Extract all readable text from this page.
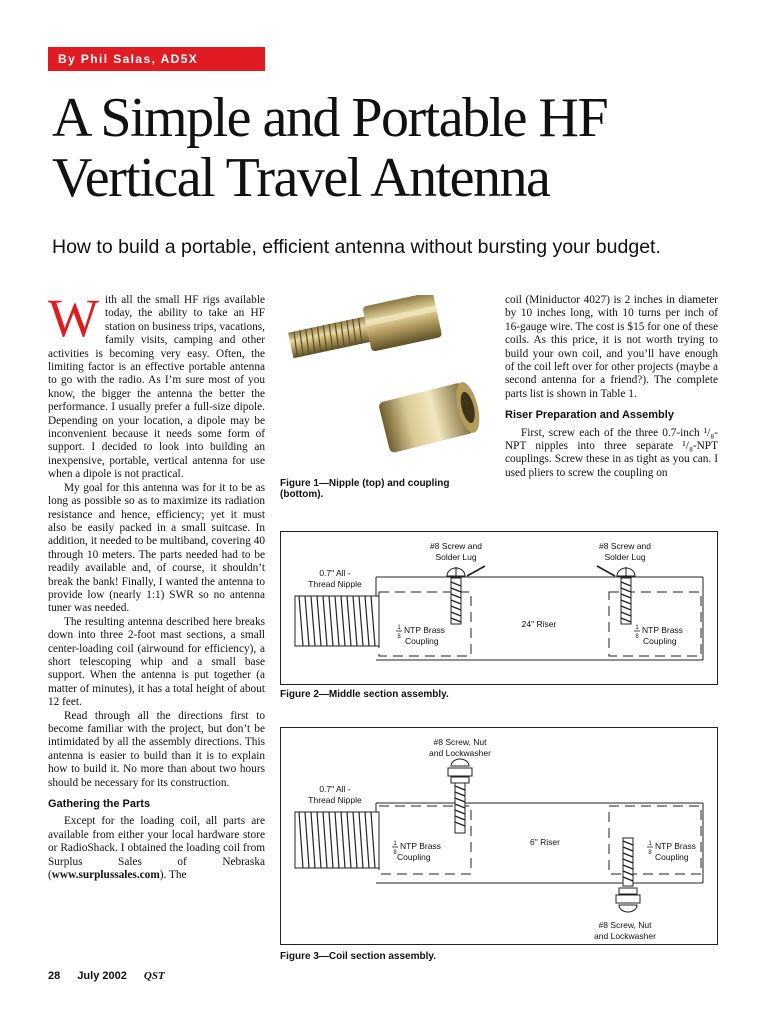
By Phil Salas, AD5X
A Simple and Portable HF
Vertical Travel Antenna
How to build a portable, efficient antenna without bursting your budget.

With all the small HF rigs available today, the ability to take an HF station on business trips, vacations, family visits, camping and other activities is becoming very easy. Often, the limiting factor is an effective portable antenna to go with the radio. As I’m sure most of you know, the bigger the antenna the better the performance. I usually prefer a full-size dipole. Depending on your location, a dipole may be inconvenient because it needs some form of support. I decided to look into building an inexpensive, portable, vertical antenna for use when a dipole is not practical.

My goal for this antenna was for it to be as long as possible so as to maximize its radiation resistance and hence, efficiency; yet it must also be easily packed in a small suitcase. In addition, it needed to be multiband, covering 40 through 10 meters. The parts needed had to be readily available and, of course, it shouldn’t break the bank! Finally, I wanted the antenna to provide low (nearly 1:1) SWR so no antenna tuner was needed.

The resulting antenna described here breaks down into three 2-foot mast sections, a small center-loading coil (airwound for efficiency), a short telescoping whip and a small base support. When the antenna is put together (a matter of minutes), it has a total height of about 12 feet.

Read through all the directions first to become familiar with the project, but don’t be intimidated by all the assembly directions. This antenna is easier to build than it is to explain how to build it. No more than about two hours should be necessary for its construction.

Gathering the Parts

Except for the loading coil, all parts are available from either your local hardware store or RadioShack. I obtained the loading coil from Surplus Sales of Nebraska (www.surplussales.com). The

Figure 1—Nipple (top) and coupling (bottom).
#8 Screw and
Solder Lug
#8 Screw and
Solder Lug
0.7" All -
Thread Nipple
24" Riser
1
8
NTP Brass
Coupling
1
8
NTP Brass
Coupling
Figure 2—Middle section assembly.
#8 Screw, Nut
and Lockwasher
0.7" All -
Thread Nipple
6" Riser
1
8
NTP Brass
Coupling
1
8
NTP Brass
Coupling
#8 Screw, Nut
and Lockwasher
Figure 3—Coil section assembly.

coil (Miniductor 4027) is 2 inches in diameter by 10 inches long, with 10 turns per inch of 16-gauge wire. The cost is $15 for one of these coils. As this price, it is not worth trying to build your own coil, and you’ll have enough of the coil left over for other projects (maybe a second antenna for a friend?). The complete parts list is shown in Table 1.

Riser Preparation and Assembly

First, screw each of the three 0.7-inch ¹/₈-NPT nipples into three separate ¹/₈-NPT couplings. Screw these in as tight as you can. I used pliers to screw the coupling on

28 July 2002 QST
